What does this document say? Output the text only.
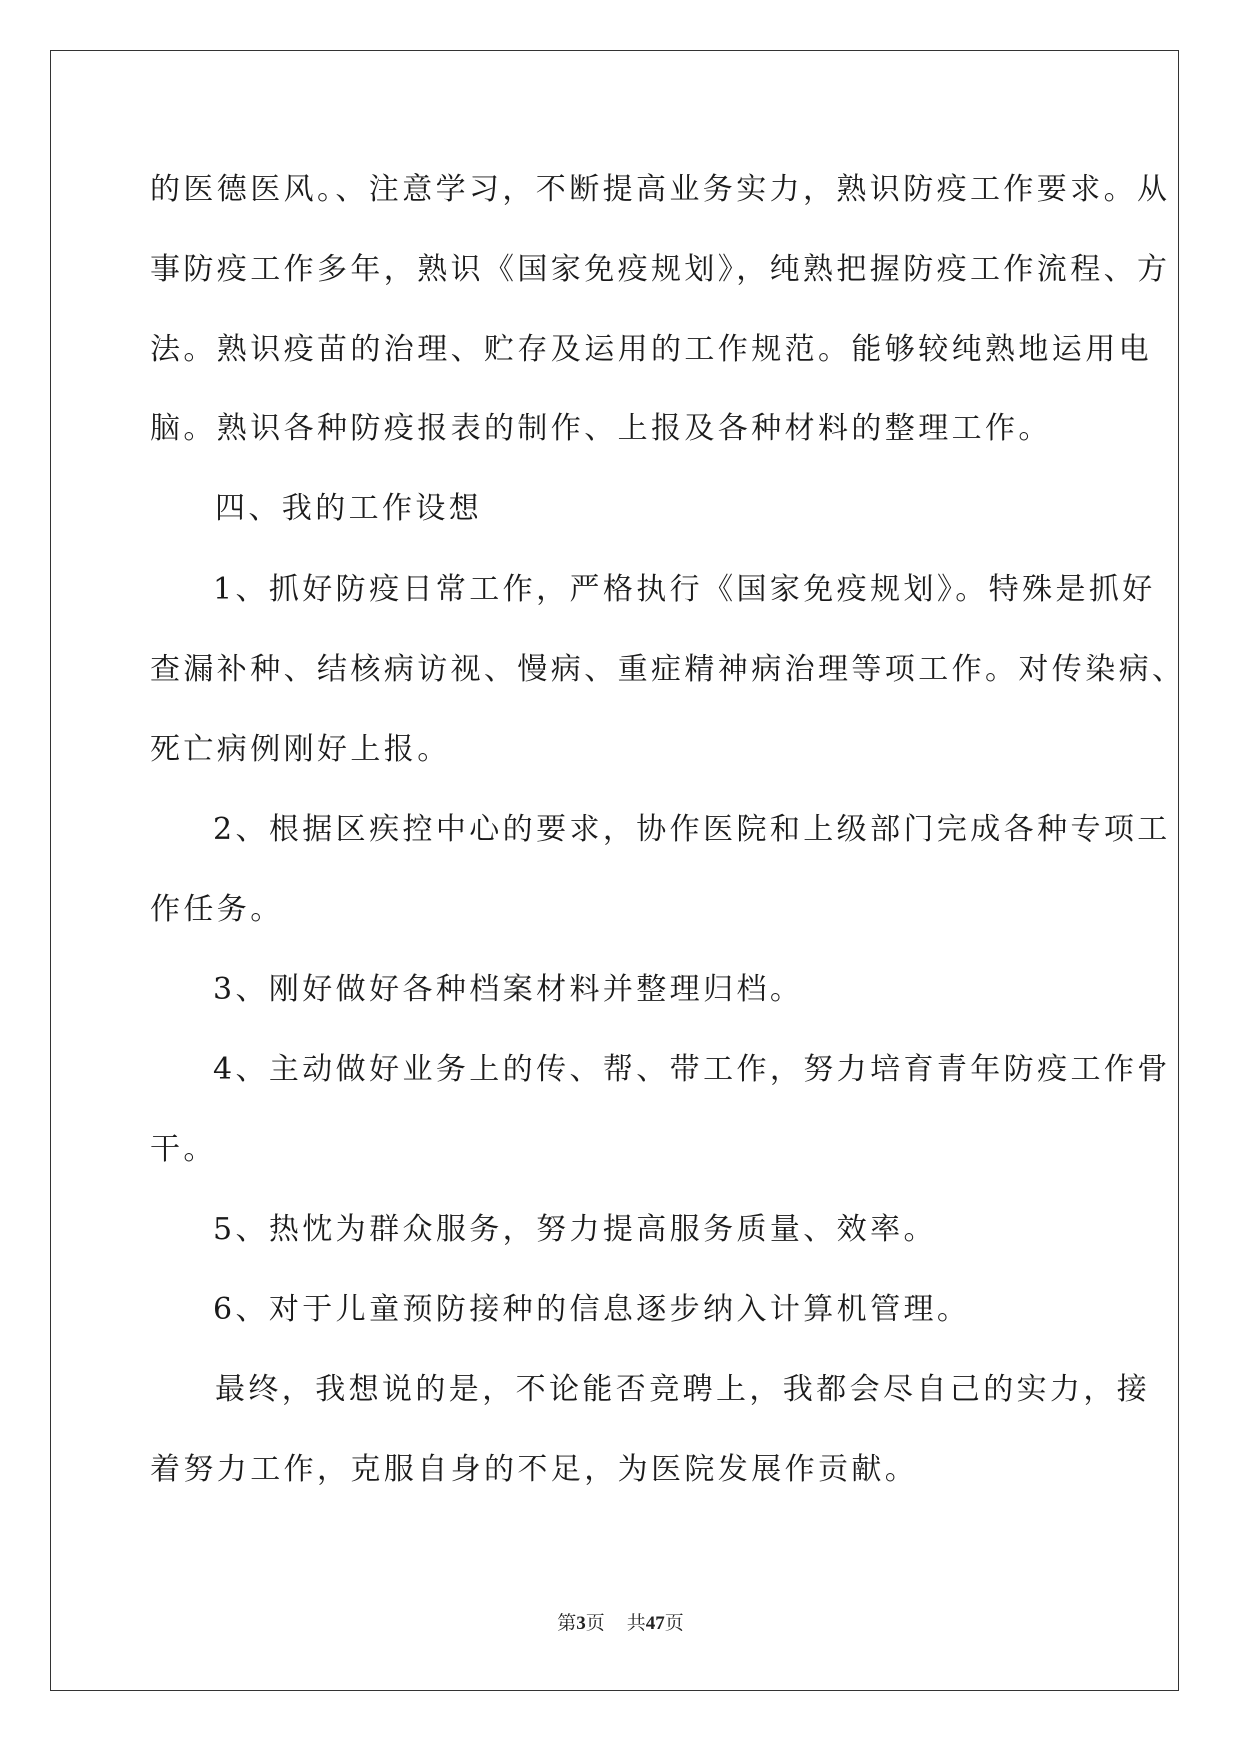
的医德医风。、注意学习，不断提高业务实力，熟识防疫工作要求。从

事防疫工作多年，熟识《国家免疫规划》，纯熟把握防疫工作流程、方

法。熟识疫苗的治理、贮存及运用的工作规范。能够较纯熟地运用电

脑。熟识各种防疫报表的制作、上报及各种材料的整理工作。

四、我的工作设想

1、抓好防疫日常工作，严格执行《国家免疫规划》。特殊是抓好

查漏补种、结核病访视、慢病、重症精神病治理等项工作。对传染病、

死亡病例刚好上报。

2、根据区疾控中心的要求，协作医院和上级部门完成各种专项工

作任务。

3、刚好做好各种档案材料并整理归档。

4、主动做好业务上的传、帮、带工作，努力培育青年防疫工作骨

干。

5、热忱为群众服务，努力提高服务质量、效率。

6、对于儿童预防接种的信息逐步纳入计算机管理。

最终，我想说的是，不论能否竞聘上，我都会尽自己的实力，接

着努力工作，克服自身的不足，为医院发展作贡献。

第3页 共47页
